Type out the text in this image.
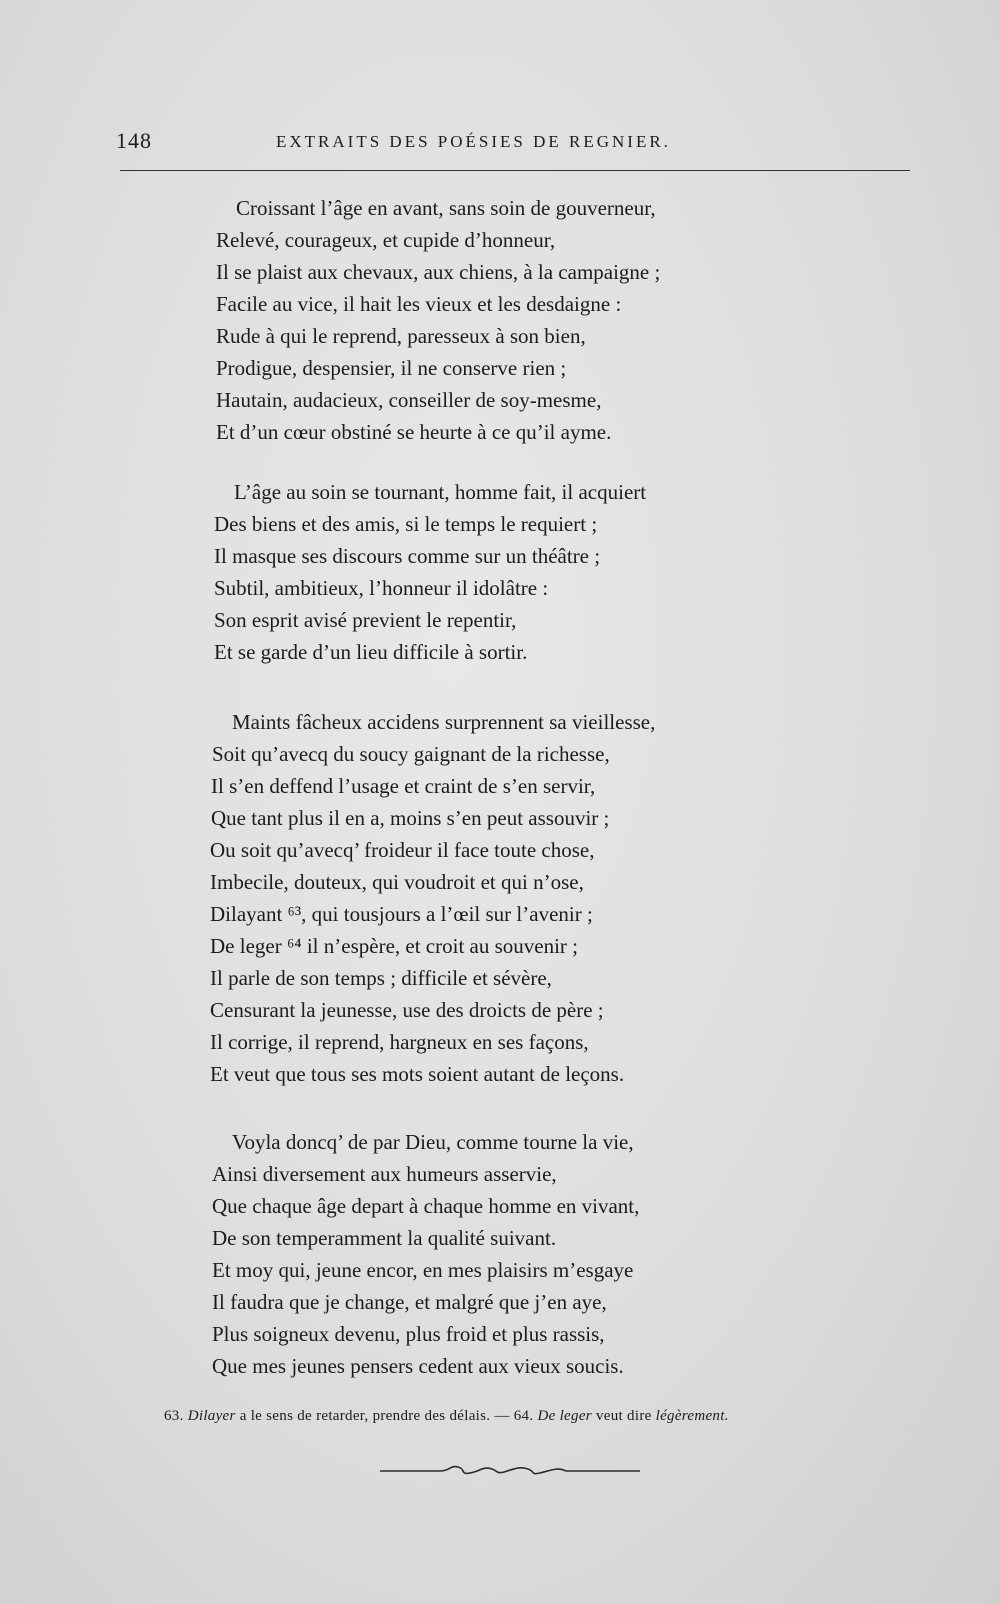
148	EXTRAITS DES POÉSIES DE REGNIER.
Croissant l’âge en avant, sans soin de gouverneur,
Relevé, courageux, et cupide d’honneur,
Il se plaist aux chevaux, aux chiens, à la campaigne ;
Facile au vice, il hait les vieux et les desdaigne :
Rude à qui le reprend, paresseux à son bien,
Prodigue, despensier, il ne conserve rien ;
Hautain, audacieux, conseiller de soy-mesme,
Et d’un cœur obstiné se heurte à ce qu’il ayme.
L’âge au soin se tournant, homme fait, il acquiert
Des biens et des amis, si le temps le requiert ;
Il masque ses discours comme sur un théâtre ;
Subtil, ambitieux, l’honneur il idolâtre :
Son esprit avisé previent le repentir,
Et se garde d’un lieu difficile à sortir.
Maints fâcheux accidens surprennent sa vieillesse,
Soit qu’avecq du soucy gaignant de la richesse,
Il s’en deffend l’usage et craint de s’en servir,
Que tant plus il en a, moins s’en peut assouvir ;
Ou soit qu’avecq’ froideur il face toute chose,
Imbecile, douteux, qui voudroit et qui n’ose,
Dilayant ⁶³, qui tousjours a l’œil sur l’avenir ;
De leger ⁶⁴ il n’espère, et croit au souvenir ;
Il parle de son temps ; difficile et sévère,
Censurant la jeunesse, use des droicts de père ;
Il corrige, il reprend, hargneux en ses façons,
Et veut que tous ses mots soient autant de leçons.
Voyla doncq’ de par Dieu, comme tourne la vie,
Ainsi diversement aux humeurs asservie,
Que chaque âge depart à chaque homme en vivant,
De son temperamment la qualité suivant.
Et moy qui, jeune encor, en mes plaisirs m’esgaye
Il faudra que je change, et malgré que j’en aye,
Plus soigneux devenu, plus froid et plus rassis,
Que mes jeunes pensers cedent aux vieux soucis.
63. Dilayer a le sens de retarder, prendre des délais. — 64. De leger veut dire légèrement.
